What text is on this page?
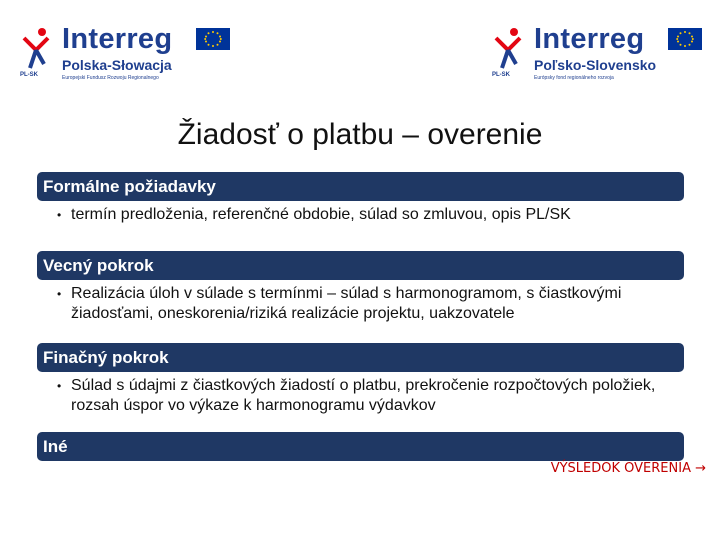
Interreg
Polska-Słowacja
Europejski Fundusz Rozwoju Regionalnego
PL-SK
Interreg
Poľsko-Slovensko
Európsky fond regionálneho rozvoja
PL-SK
Žiadosť o platbu – overenie
Formálne požiadavky
• termín predloženia, referenčné obdobie, súlad so zmluvou, opis PL/SK
Vecný pokrok
• Realizácia úloh v súlade s termínmi – súlad s harmonogramom, s čiastkovými žiadosťami, oneskorenia/riziká realizácie projektu, uakzovatele
Finačný pokrok
• Súlad s údajmi z čiastkových žiadostí o platbu, prekročenie rozpočtových položiek, rozsah úspor vo výkaze k harmonogramu výdavkov
Iné
VÝSLEDOK OVERENIA →
